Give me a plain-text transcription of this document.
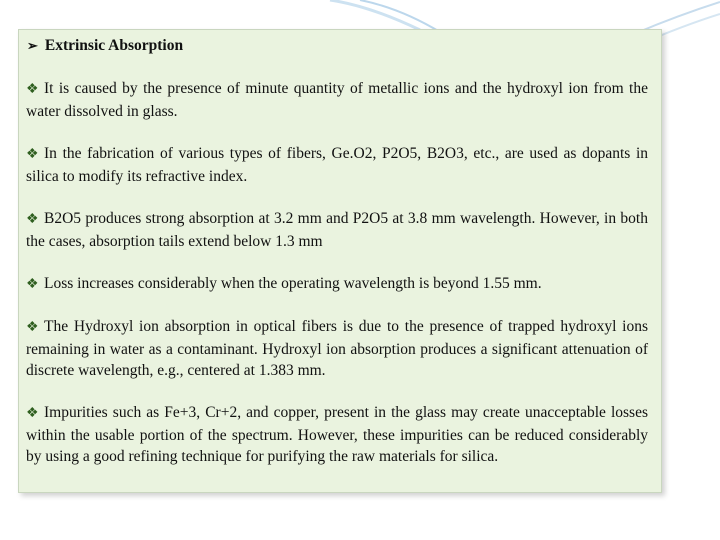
➢ Extrinsic Absorption

❖ It is caused by the presence of minute quantity of metallic ions and the hydroxyl ion from the water dissolved in glass.

❖ In the fabrication of various types of fibers, Ge.O2, P2O5, B2O3, etc., are used as dopants in silica to modify its refractive index.

❖ B2O5 produces strong absorption at 3.2 mm and P2O5 at 3.8 mm wavelength. However, in both the cases, absorption tails extend below 1.3 mm

❖ Loss increases considerably when the operating wavelength is beyond 1.55 mm.

❖ The Hydroxyl ion absorption in optical fibers is due to the presence of trapped hydroxyl ions remaining in water as a contaminant. Hydroxyl ion absorption produces a significant attenuation of discrete wavelength, e.g., centered at 1.383 mm.

❖ Impurities such as Fe+3, Cr+2, and copper, present in the glass may create unacceptable losses within the usable portion of the spectrum. However, these impurities can be reduced considerably by using a good refining technique for purifying the raw materials for silica.
